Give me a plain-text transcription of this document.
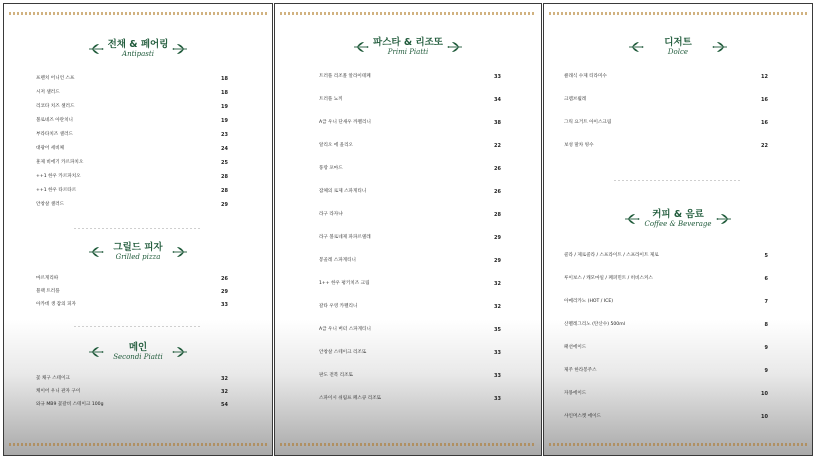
전채 & 페어링
Antipasti
프렌치 어니언 스프	18
시저 샐러드	18
리코타 치즈 샐러드	19
볼로네즈 아란치니	19
부라타치즈 샐러드	23
대광어 세비체	24
훈제 비에기 카르파치오	25
++1 한우 카르파치오	28
++1 한우 타르타르	28
안창살 샐러드	29
그릴드 피자
Grilled pizza
마르게리따	26
블랙 트러플	29
아카데 생 잠의 피자	33
메인
Secondi Piatti
꽃 채구 스테이크	32
케이어 우니 관자 구이	32
와규 MB9 꽃갈비 스테이크 100g	54
파스타 & 리조또
Primi Piatti
트러플 리조폴 알라이테페	33
트러플 뇨끼	34
A급 우니 단새우 까펠리니	38
알리오 에 올리오	22
풍랑 포마드	26
잠체의 로제 스파게티니	26
라구 라자냐	28
라구 볼로네제 파파르델레	29
봉골레 스파게티니	29
1++ 한우 평키치즈 크림	32
갈타 우영 카펠리니	32
A급 우니 버터 스파게티니	35
안창살 스테이크 리조또	33
판도 전복 리조또	33
스파이시 쉬림프 페스큐 리조또	33
디저트
Dolce
클래식 수제 티라미수	12
크렘브륄레	16
그릭 요거트 아이스크림	16
보성 말차 빙수	22
커피 & 음료
Coffee & Beverage
콜라 / 제로콜라 / 스프라이트 / 스프라이트 제로	5
루이보스 / 캐모마일 / 페퍼민트 / 히비스커스	6
아메리카노 (HOT / ICE)	7
산펠레그리노 (탄산수) 500ml	8
패션에이드	9
제주 한라봉주스	9
자몽에이드	10
샤인머스캣 에이드	10
